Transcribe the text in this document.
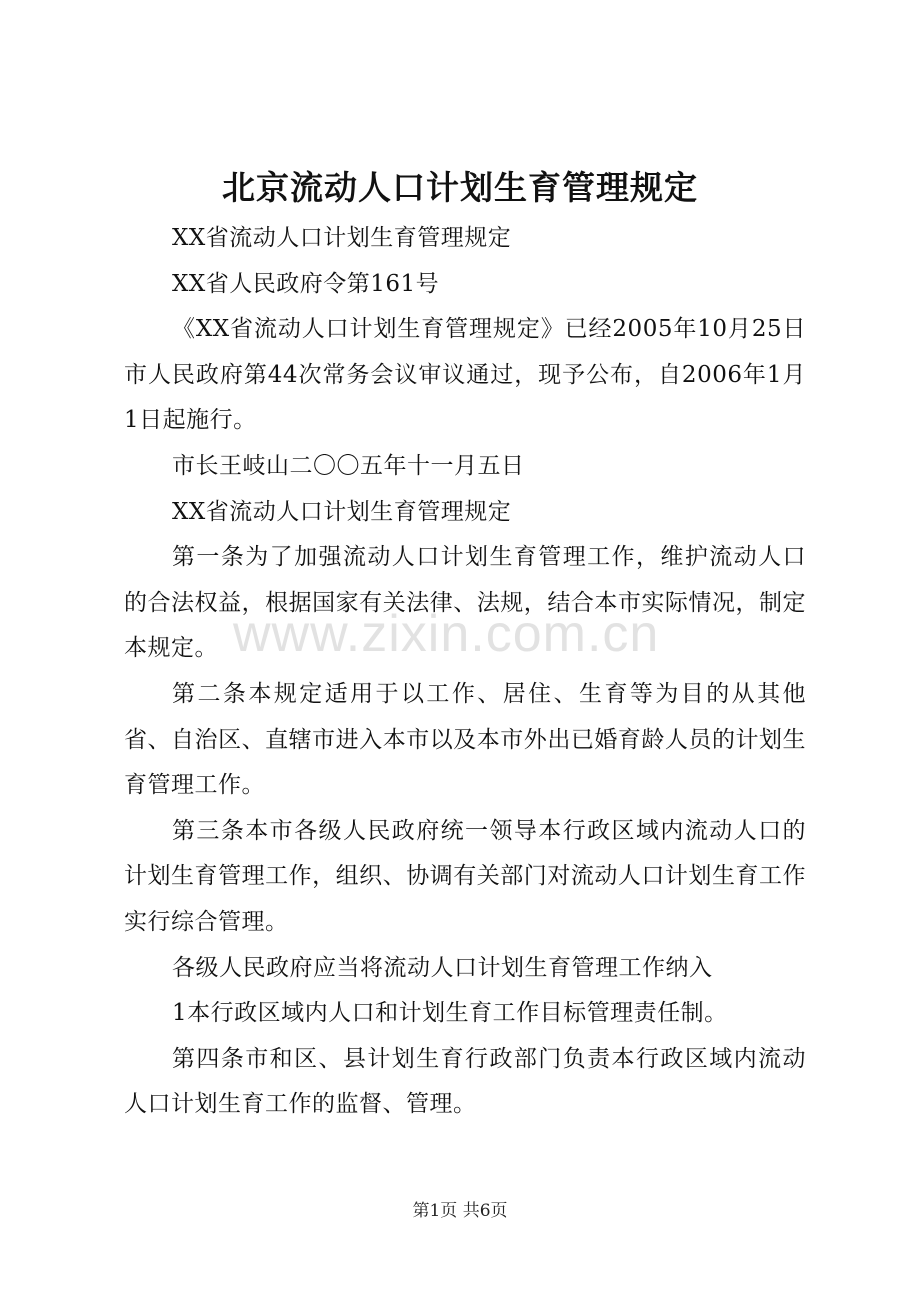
北京流动人口计划生育管理规定

XX省流动人口计划生育管理规定

XX省人民政府令第161号

《XX省流动人口计划生育管理规定》已经2005年10月25日市人民政府第44次常务会议审议通过，现予公布，自2006年1月1日起施行。

市长王岐山二〇〇五年十一月五日

XX省流动人口计划生育管理规定

第一条为了加强流动人口计划生育管理工作，维护流动人口的合法权益，根据国家有关法律、法规，结合本市实际情况，制定本规定。

第二条本规定适用于以工作、居住、生育等为目的从其他省、自治区、直辖市进入本市以及本市外出已婚育龄人员的计划生育管理工作。

第三条本市各级人民政府统一领导本行政区域内流动人口的计划生育管理工作，组织、协调有关部门对流动人口计划生育工作实行综合管理。

各级人民政府应当将流动人口计划生育管理工作纳入

1本行政区域内人口和计划生育工作目标管理责任制。

第四条市和区、县计划生育行政部门负责本行政区域内流动人口计划生育工作的监督、管理。

www.zixin.com.cn
第1页 共6页
